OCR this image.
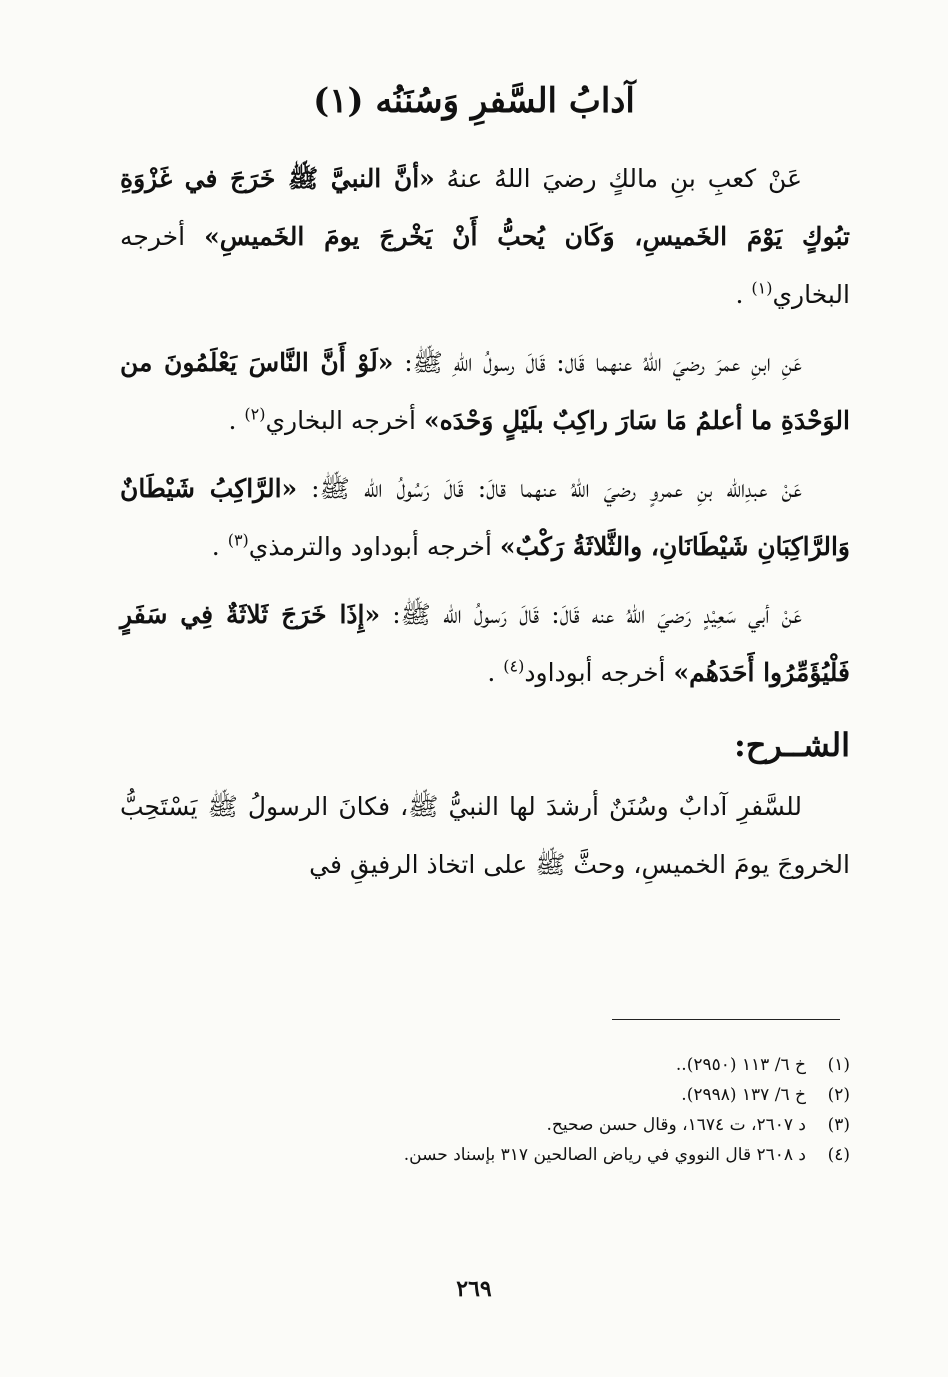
آدابُ السَّفرِ وَسُنَنُه (١)

عَنْ كعبِ بنِ مالكٍ رضيَ اللهُ عنهُ «أنَّ النبيَّ ﷺ خَرَجَ في غَزْوَةِ تبُوكٍ يَوْمَ الخَميسِ، وَكَان يُحبُّ أَنْ يَخْرجَ يومَ الخَميسِ» أخرجه البخاري$^{(١)}$ .

عَنِ ابنِ عمرَ رضيَ اللهُ عنهما قَال: قَالَ رسولُ اللهِ ﷺ: «لَوْ أَنَّ النَّاسَ يَعْلَمُونَ من الوَحْدَةِ ما أعلمُ مَا سَارَ راكِبٌ بلَيْلٍ وَحْدَه» أخرجه البخاري$^{(٢)}$ .

عَنْ عبدِالله بنِ عمروٍ رضيَ اللهُ عنهما قالَ: قَالَ رَسُولُ الله ﷺ: «الرَّاكِبُ شَيْطَانٌ وَالرَّاكِبَانِ شَيْطَانَانِ، والثَّلاثَةُ رَكْبٌ» أخرجه أبوداود والترمذي$^{(٣)}$ .

عَنْ أبي سَعِيْدٍ رَضيَ اللهُ عنه قَالَ: قَالَ رَسولُ الله ﷺ: «إِذَا خَرَجَ ثَلاثَةٌ فِي سَفَرٍ فَلْيُؤَمِّرُوا أَحَدَهُم» أخرجه أبوداود$^{(٤)}$ .

الشــرح:

للسَّفرِ آدابٌ وسُنَنٌ أرشدَ لها النبيُّ ﷺ، فكانَ الرسولُ ﷺ يَسْتَحِبُّ الخروجَ يومَ الخميسِ، وحثَّ ﷺ على اتخاذ الرفيقِ في

(١)
خ ٦/ ١١٣ (٢٩٥٠)..
(٢)
خ ٦/ ١٣٧ (٢٩٩٨).
(٣)
د ٢٦٠٧، ت ١٦٧٤، وقال حسن صحيح.
(٤)
د ٢٦٠٨ قال النووي في رياض الصالحين ٣١٧ بإسناد حسن.
٢٦٩
